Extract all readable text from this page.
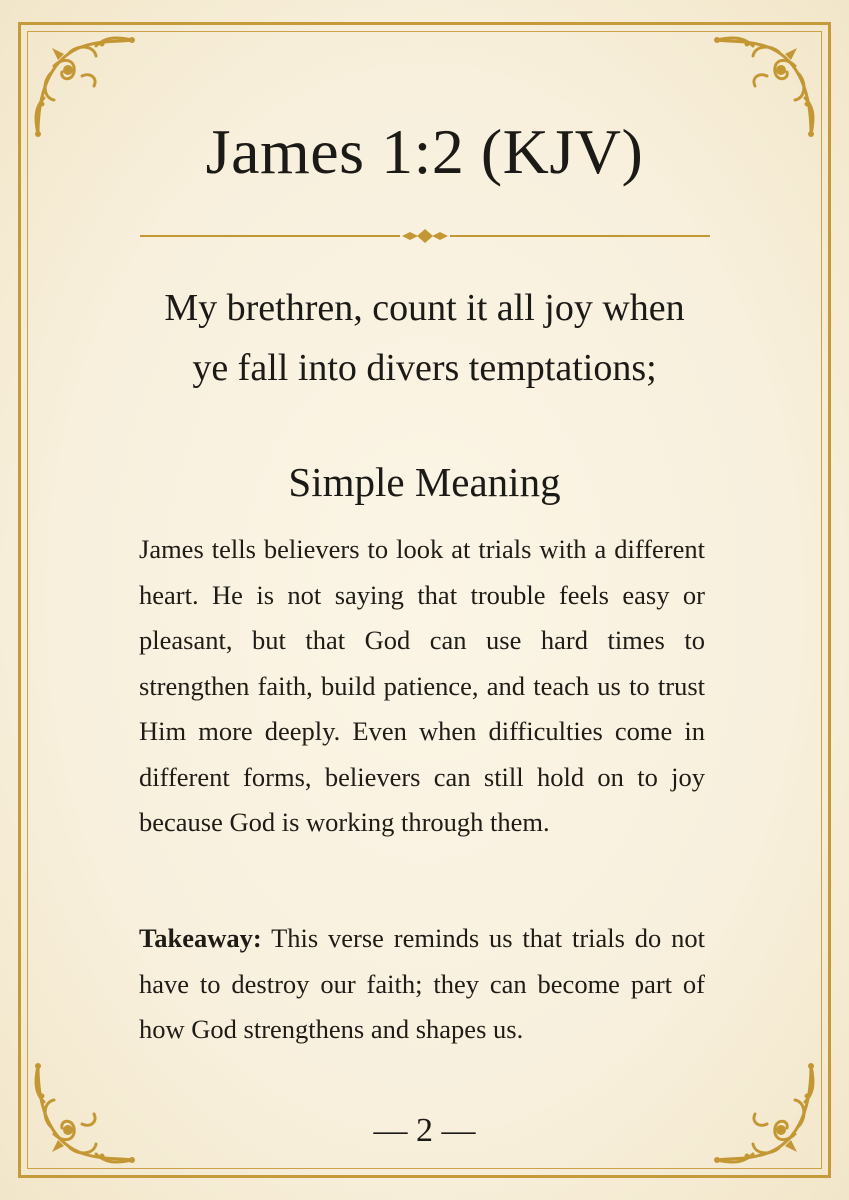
James 1:2 (KJV)
My brethren, count it all joy when
ye fall into divers temptations;
Simple Meaning
James tells believers to look at trials with a different heart. He is not saying that trouble feels easy or pleasant, but that God can use hard times to strengthen faith, build patience, and teach us to trust Him more deeply. Even when difficulties come in different forms, believers can still hold on to joy because God is working through them.
Takeaway: This verse reminds us that trials do not have to destroy our faith; they can become part of how God strengthens and shapes us.
— 2 —
